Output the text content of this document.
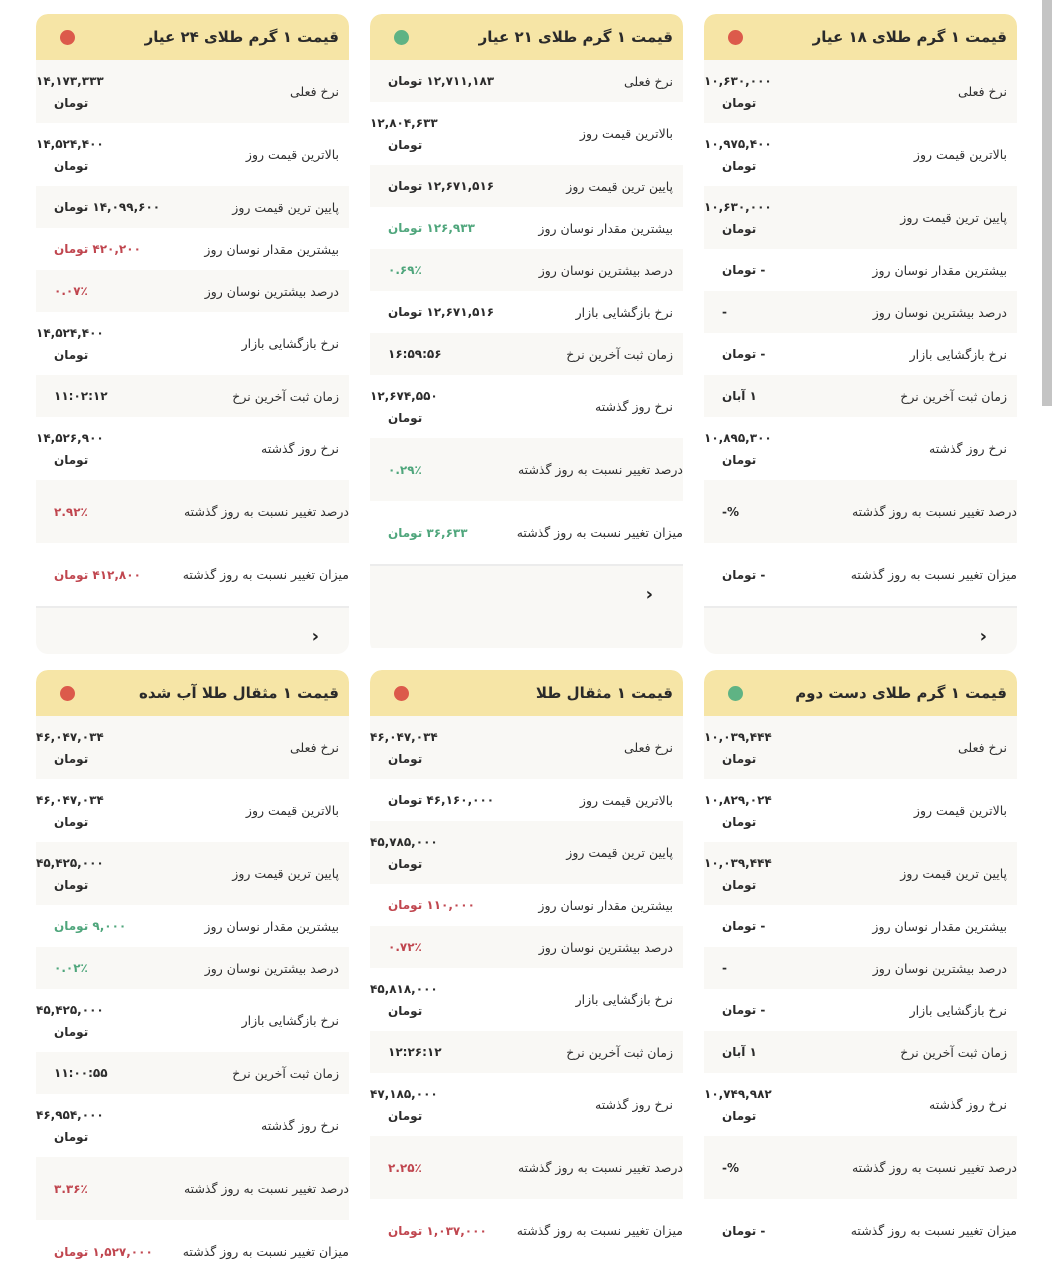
قیمت ۱ گرم طلای ۲۴ عیار
نرخ فعلی
۱۴,۱۷۳,۳۳۳
تومان
بالاترین قیمت روز
۱۴,۵۲۴,۴۰۰
تومان
پایین ترین قیمت روز
۱۴,۰۹۹,۶۰۰ تومان
بیشترین مقدار نوسان روز
۴۲۰,۲۰۰ تومان
درصد بیشترین نوسان روز
۰.۰۷٪
نرخ بازگشایی بازار
۱۴,۵۲۴,۴۰۰
تومان
زمان ثبت آخرین نرخ
۱۱:۰۲:۱۲
نرخ روز گذشته
۱۴,۵۲۶,۹۰۰
تومان
درصد تغییر نسبت به روز گذشته
۲.۹۲٪
میزان تغییر نسبت به روز گذشته
۴۱۲,۸۰۰ تومان
‹
قیمت ۱ گرم طلای ۲۱ عیار
نرخ فعلی
۱۲,۷۱۱,۱۸۳ تومان
بالاترین قیمت روز
۱۲,۸۰۴,۶۳۳
تومان
پایین ترین قیمت روز
۱۲,۶۷۱,۵۱۶ تومان
بیشترین مقدار نوسان روز
۱۲۶,۹۳۳ تومان
درصد بیشترین نوسان روز
۰.۶۹٪
نرخ بازگشایی بازار
۱۲,۶۷۱,۵۱۶ تومان
زمان ثبت آخرین نرخ
۱۶:۵۹:۵۶
نرخ روز گذشته
۱۲,۶۷۴,۵۵۰
تومان
درصد تغییر نسبت به روز گذشته
۰.۲۹٪
میزان تغییر نسبت به روز گذشته
۳۶,۶۳۳ تومان
‹
قیمت ۱ گرم طلای ۱۸ عیار
نرخ فعلی
۱۰,۶۳۰,۰۰۰
تومان
بالاترین قیمت روز
۱۰,۹۷۵,۴۰۰
تومان
پایین ترین قیمت روز
۱۰,۶۳۰,۰۰۰
تومان
بیشترین مقدار نوسان روز
- تومان
درصد بیشترین نوسان روز
-
نرخ بازگشایی بازار
- تومان
زمان ثبت آخرین نرخ
۱ آبان
نرخ روز گذشته
۱۰,۸۹۵,۳۰۰
تومان
درصد تغییر نسبت به روز گذشته
%-
میزان تغییر نسبت به روز گذشته
- تومان
‹
قیمت ۱ مثقال طلا آب شده
نرخ فعلی
۴۶,۰۴۷,۰۳۴
تومان
بالاترین قیمت روز
۴۶,۰۴۷,۰۳۴
تومان
پایین ترین قیمت روز
۴۵,۴۲۵,۰۰۰
تومان
بیشترین مقدار نوسان روز
۹,۰۰۰ تومان
درصد بیشترین نوسان روز
۰.۰۲٪
نرخ بازگشایی بازار
۴۵,۴۲۵,۰۰۰
تومان
زمان ثبت آخرین نرخ
۱۱:۰۰:۵۵
نرخ روز گذشته
۴۶,۹۵۴,۰۰۰
تومان
درصد تغییر نسبت به روز گذشته
۳.۳۶٪
میزان تغییر نسبت به روز گذشته
۱,۵۲۷,۰۰۰ تومان
قیمت ۱ مثقال طلا
نرخ فعلی
۴۶,۰۴۷,۰۳۴
تومان
بالاترین قیمت روز
۴۶,۱۶۰,۰۰۰ تومان
پایین ترین قیمت روز
۴۵,۷۸۵,۰۰۰
تومان
بیشترین مقدار نوسان روز
۱۱۰,۰۰۰ تومان
درصد بیشترین نوسان روز
۰.۷۲٪
نرخ بازگشایی بازار
۴۵,۸۱۸,۰۰۰
تومان
زمان ثبت آخرین نرخ
۱۲:۲۶:۱۲
نرخ روز گذشته
۴۷,۱۸۵,۰۰۰
تومان
درصد تغییر نسبت به روز گذشته
۲.۲۵٪
میزان تغییر نسبت به روز گذشته
۱,۰۳۷,۰۰۰ تومان
قیمت ۱ گرم طلای دست دوم
نرخ فعلی
۱۰,۰۳۹,۴۴۴
تومان
بالاترین قیمت روز
۱۰,۸۲۹,۰۲۴
تومان
پایین ترین قیمت روز
۱۰,۰۳۹,۴۴۴
تومان
بیشترین مقدار نوسان روز
- تومان
درصد بیشترین نوسان روز
-
نرخ بازگشایی بازار
- تومان
زمان ثبت آخرین نرخ
۱ آبان
نرخ روز گذشته
۱۰,۷۴۹,۹۸۲
تومان
درصد تغییر نسبت به روز گذشته
%-
میزان تغییر نسبت به روز گذشته
- تومان
